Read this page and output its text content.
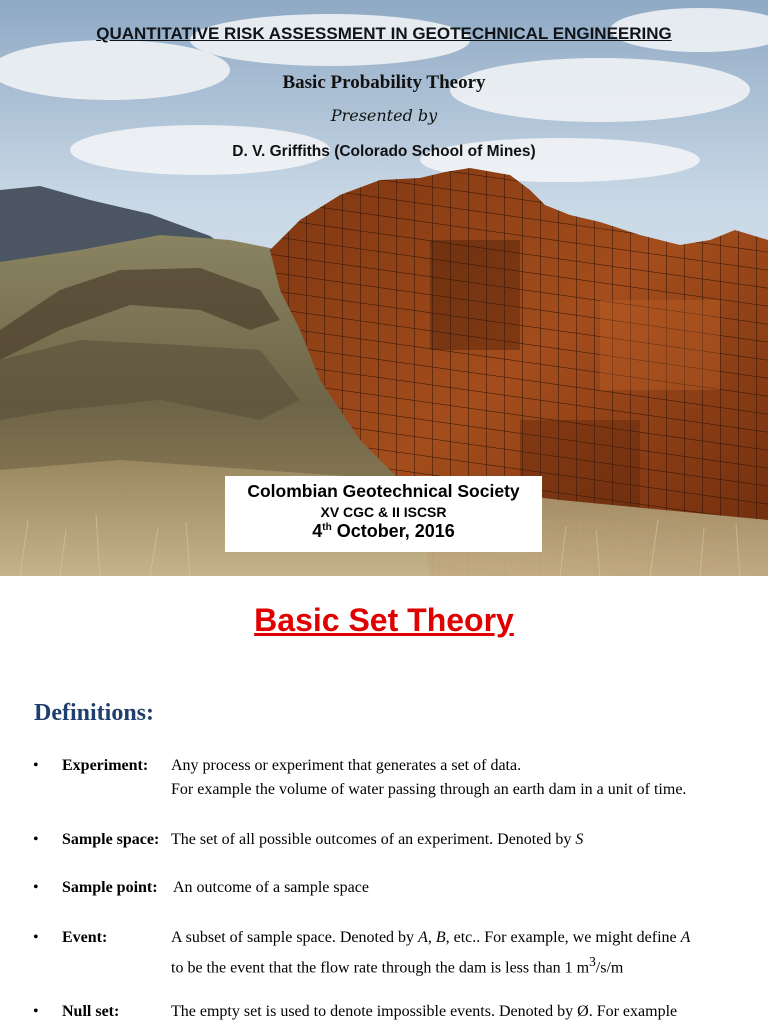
QUANTITATIVE RISK ASSESSMENT IN GEOTECHNICAL ENGINEERING
Basic Probability Theory
Presented by
D. V. Griffiths (Colorado School of Mines)
Colombian Geotechnical Society
XV CGC & II ISCSR
4th October, 2016
Basic Set Theory
Definitions:
• Experiment: Any process or experiment that generates a set of data.
For example the volume of water passing through an earth dam in a unit of time.
• Sample space: The set of all possible outcomes of an experiment. Denoted by S
• Sample point: An outcome of a sample space
• Event:	A subset of sample space. Denoted by A, B, etc.. For example, we might define A
to be the event that the flow rate through the dam is less than 1 $m^3/s/m$
• Null set:	The empty set is used to denote impossible events. Denoted by Ø. For example
